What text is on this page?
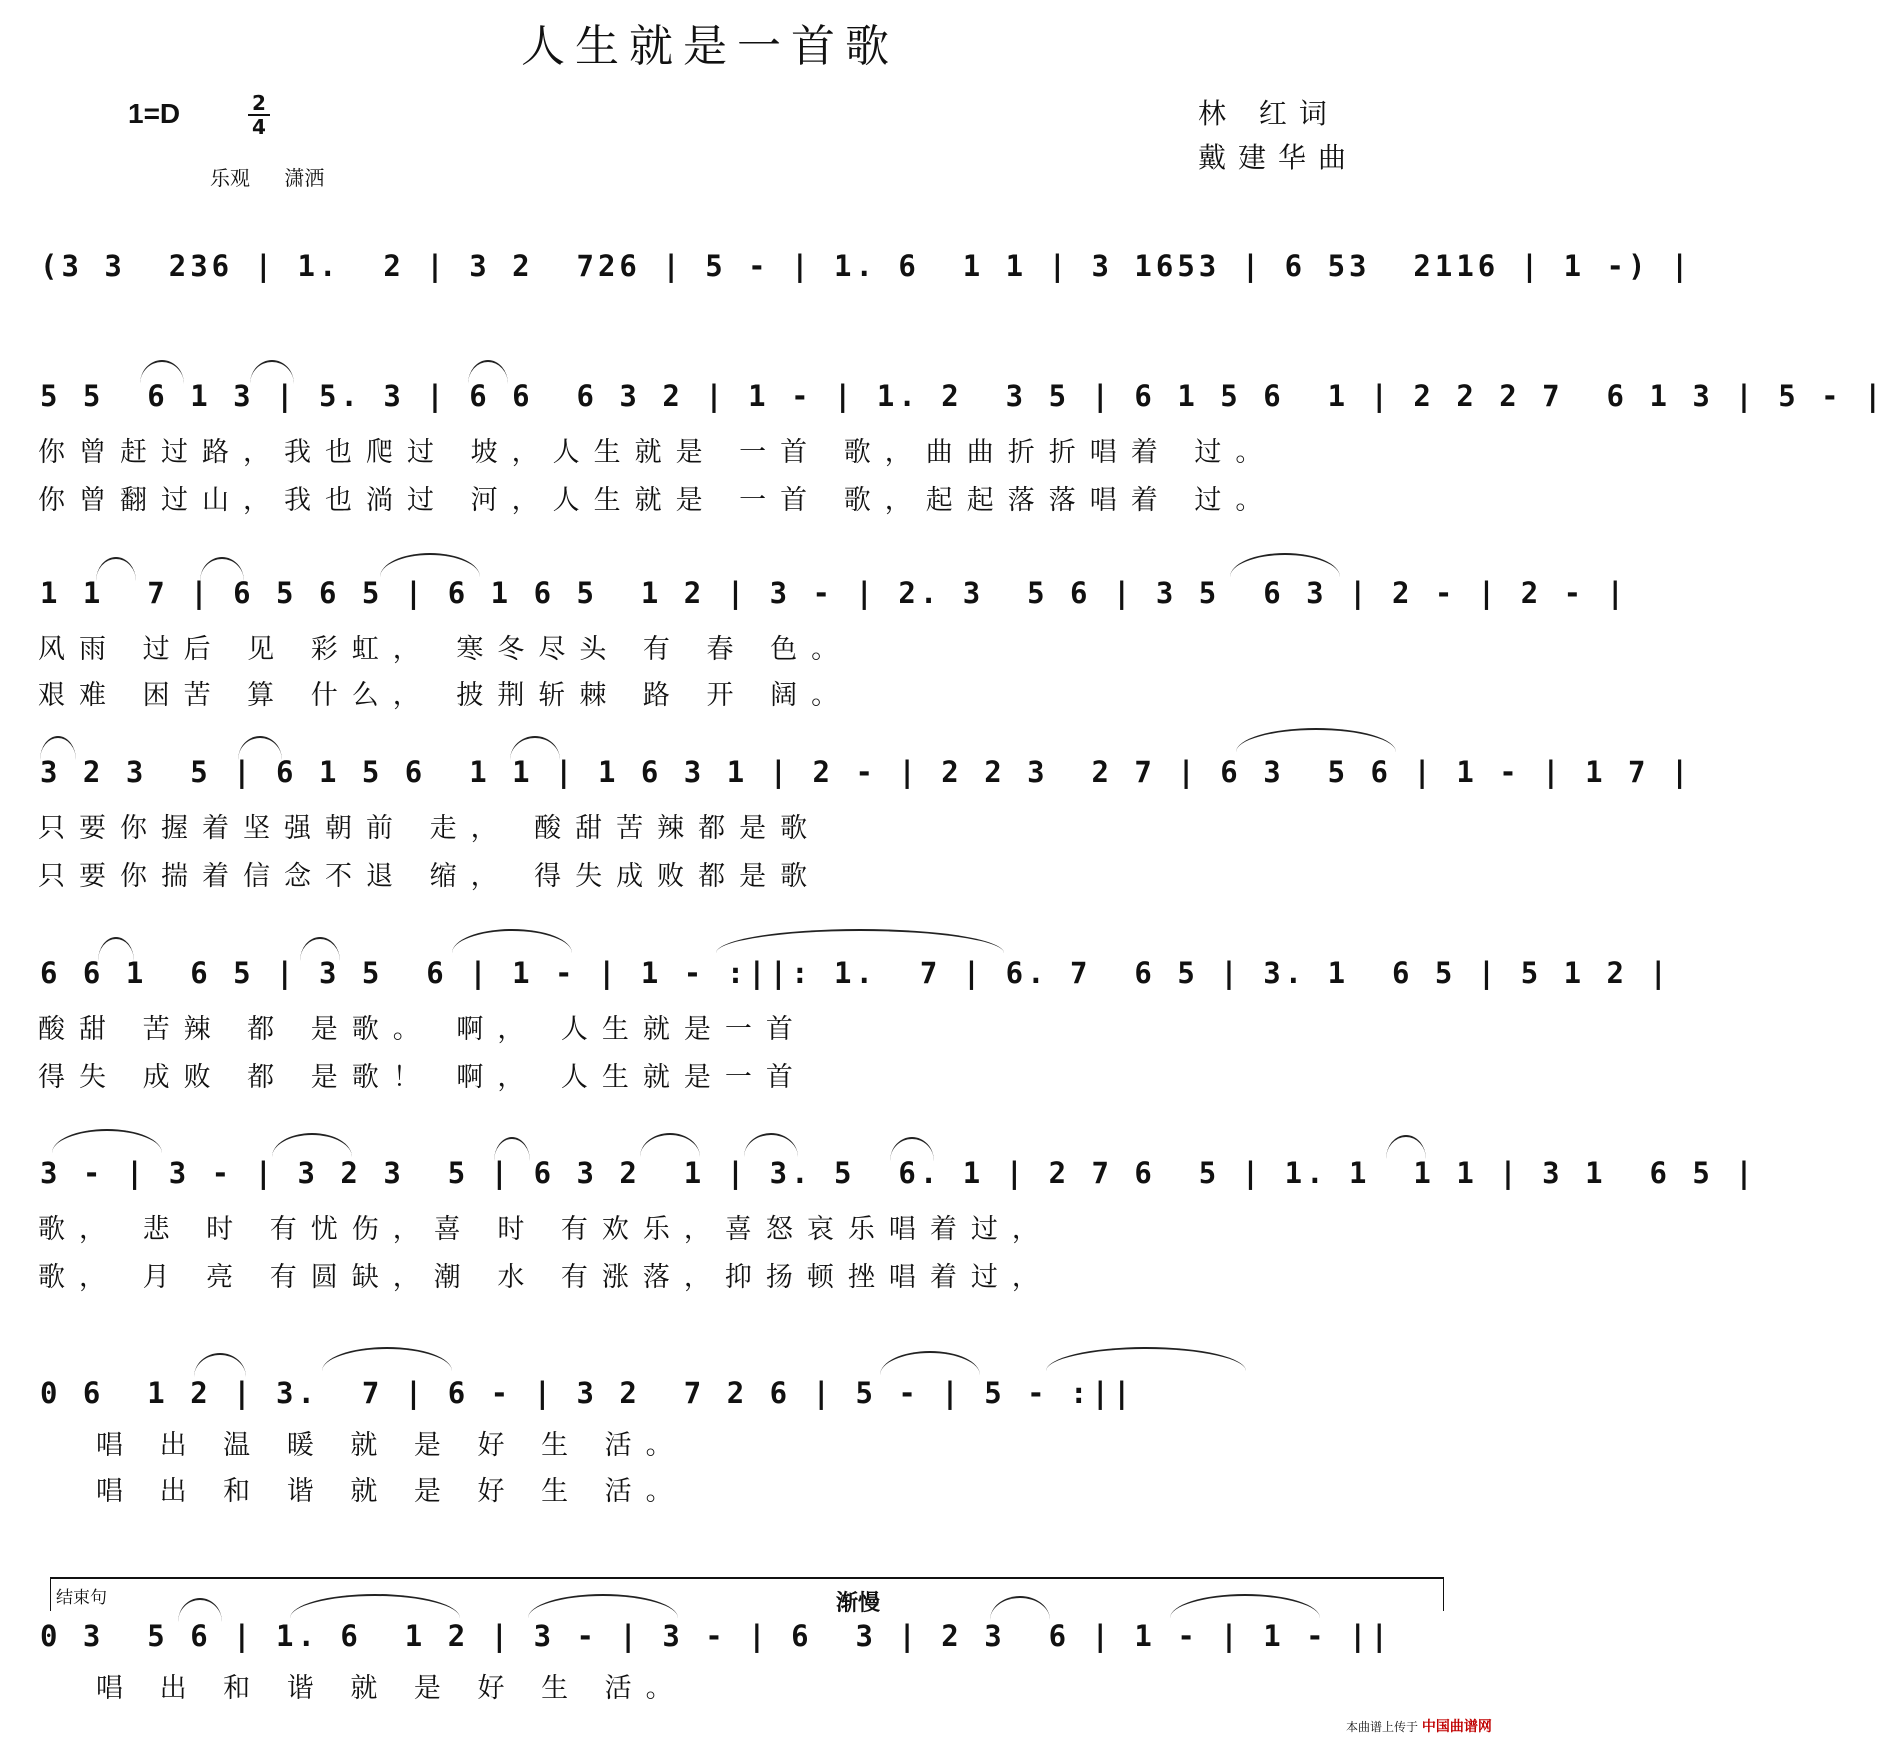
人生就是一首歌
1=D	2
4
乐观 潇洒
林 红词
戴建华曲
(3 3  236 | 1.  2 | 3 2  726 | 5 - | 1. 6  1 1 | 3 1653 | 6 53  2116 | 1 -) |
5 5  6 1 3 | 5. 3 | 6 6  6 3 2 | 1 - | 1. 2  3 5 | 6 1 5 6  1 | 2 2 2 7  6 1 3 | 5 - |
你曾赶过路，我也爬过 坡，人生就是 一首 歌，曲曲折折唱着 过。
你曾翻过山，我也淌过 河，人生就是 一首 歌，起起落落唱着 过。
1 1  7 | 6 5 6 5 | 6 1 6 5  1 2 | 3 - | 2. 3  5 6 | 3 5  6 3 | 2 - | 2 - |
风雨 过后 见 彩虹， 寒冬尽头 有 春 色。
艰难 困苦 算 什么， 披荆斩棘 路 开 阔。
3 2 3  5 | 6 1 5 6  1 1 | 1 6 3 1 | 2 - | 2 2 3  2 7 | 6 3  5 6 | 1 - | 1 7 |
只要你握着坚强朝前 走， 酸甜苦辣都是歌
只要你揣着信念不退 缩， 得失成败都是歌
6 6 1  6 5 | 3 5  6 | 1 - | 1 - :||: 1.  7 | 6. 7  6 5 | 3. 1  6 5 | 5 1 2 |
酸甜 苦辣 都 是歌。 啊， 人生就是一首
得失 成败 都 是歌！ 啊， 人生就是一首
3 - | 3 - | 3 2 3  5 | 6 3 2  1 | 3. 5  6. 1 | 2 7 6  5 | 1. 1  1 1 | 3 1  6 5 |
歌， 悲 时 有忧伤，喜 时 有欢乐，喜怒哀乐唱着过，
歌， 月 亮 有圆缺，潮 水 有涨落，抑扬顿挫唱着过，
0 6  1 2 | 3.  7 | 6 - | 3 2  7 2 6 | 5 - | 5 - :||
唱 出 温 暖 就 是 好 生 活。
唱 出 和 谐 就 是 好 生 活。
结束句	渐慢
0 3  5 6 | 1. 6  1 2 | 3 - | 3 - | 6  3 | 2 3  6 | 1 - | 1 - ||
唱 出 和 谐 就 是 好 生 活。
本曲谱上传于 中国曲谱网
